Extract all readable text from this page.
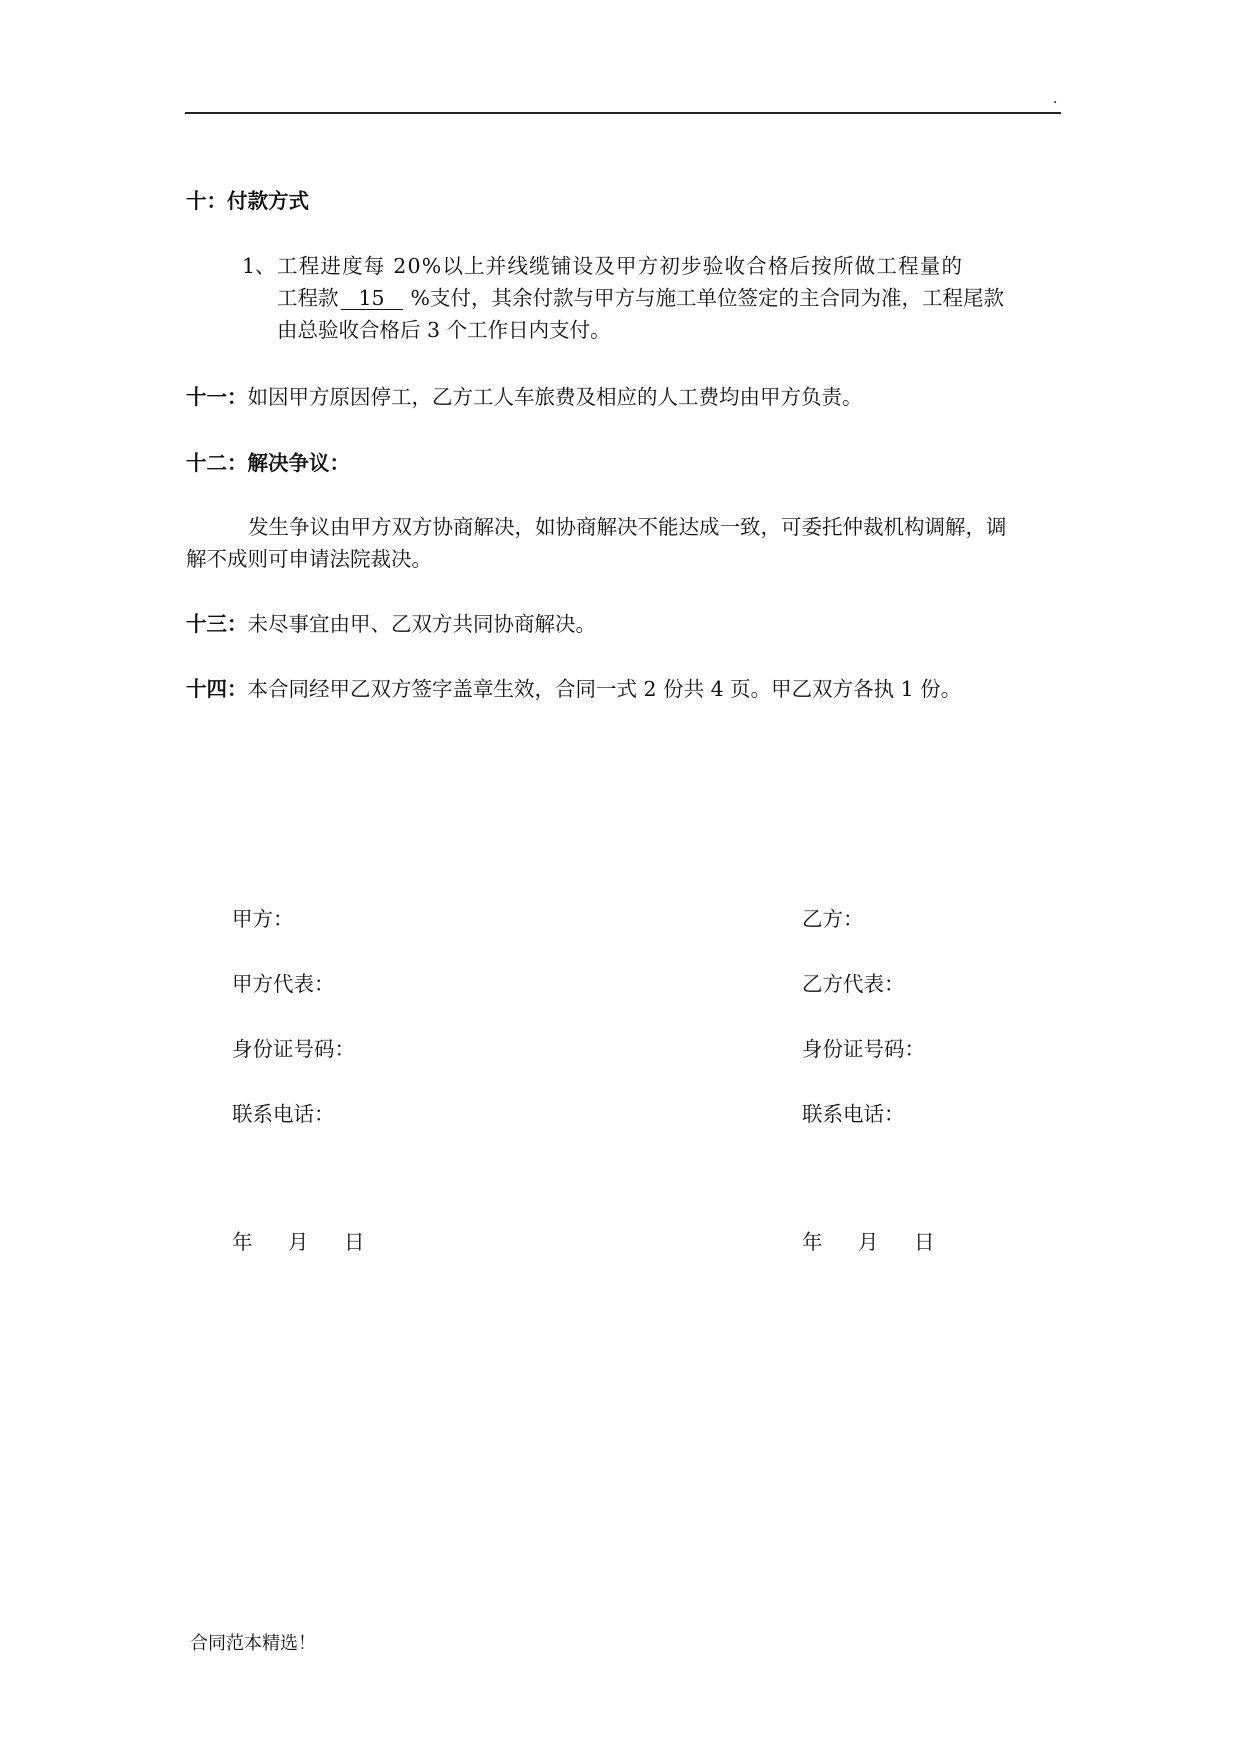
.
十：付款方式
1、 工程进度每 20%以上并线缆铺设及甲方初步验收合格后按所做工程量的
工程款 15 %支付，其余付款与甲方与施工单位签定的主合同为准，工程尾款
由总验收合格后 3 个工作日内支付。
十一：如因甲方原因停工，乙方工人车旅费及相应的人工费均由甲方负责。
十二：解决争议：
发生争议由甲方双方协商解决，如协商解决不能达成一致，可委托仲裁机构调解，调
解不成则可申请法院裁决。
十三：未尽事宜由甲、乙双方共同协商解决。
十四：本合同经甲乙双方签字盖章生效，合同一式 2 份共 4 页。甲乙双方各执 1 份。
甲方：
甲方代表：
身份证号码：
联系电话：
年 月 日
乙方：
乙方代表：
身份证号码：
联系电话：
年 月 日
合同范本精选！
